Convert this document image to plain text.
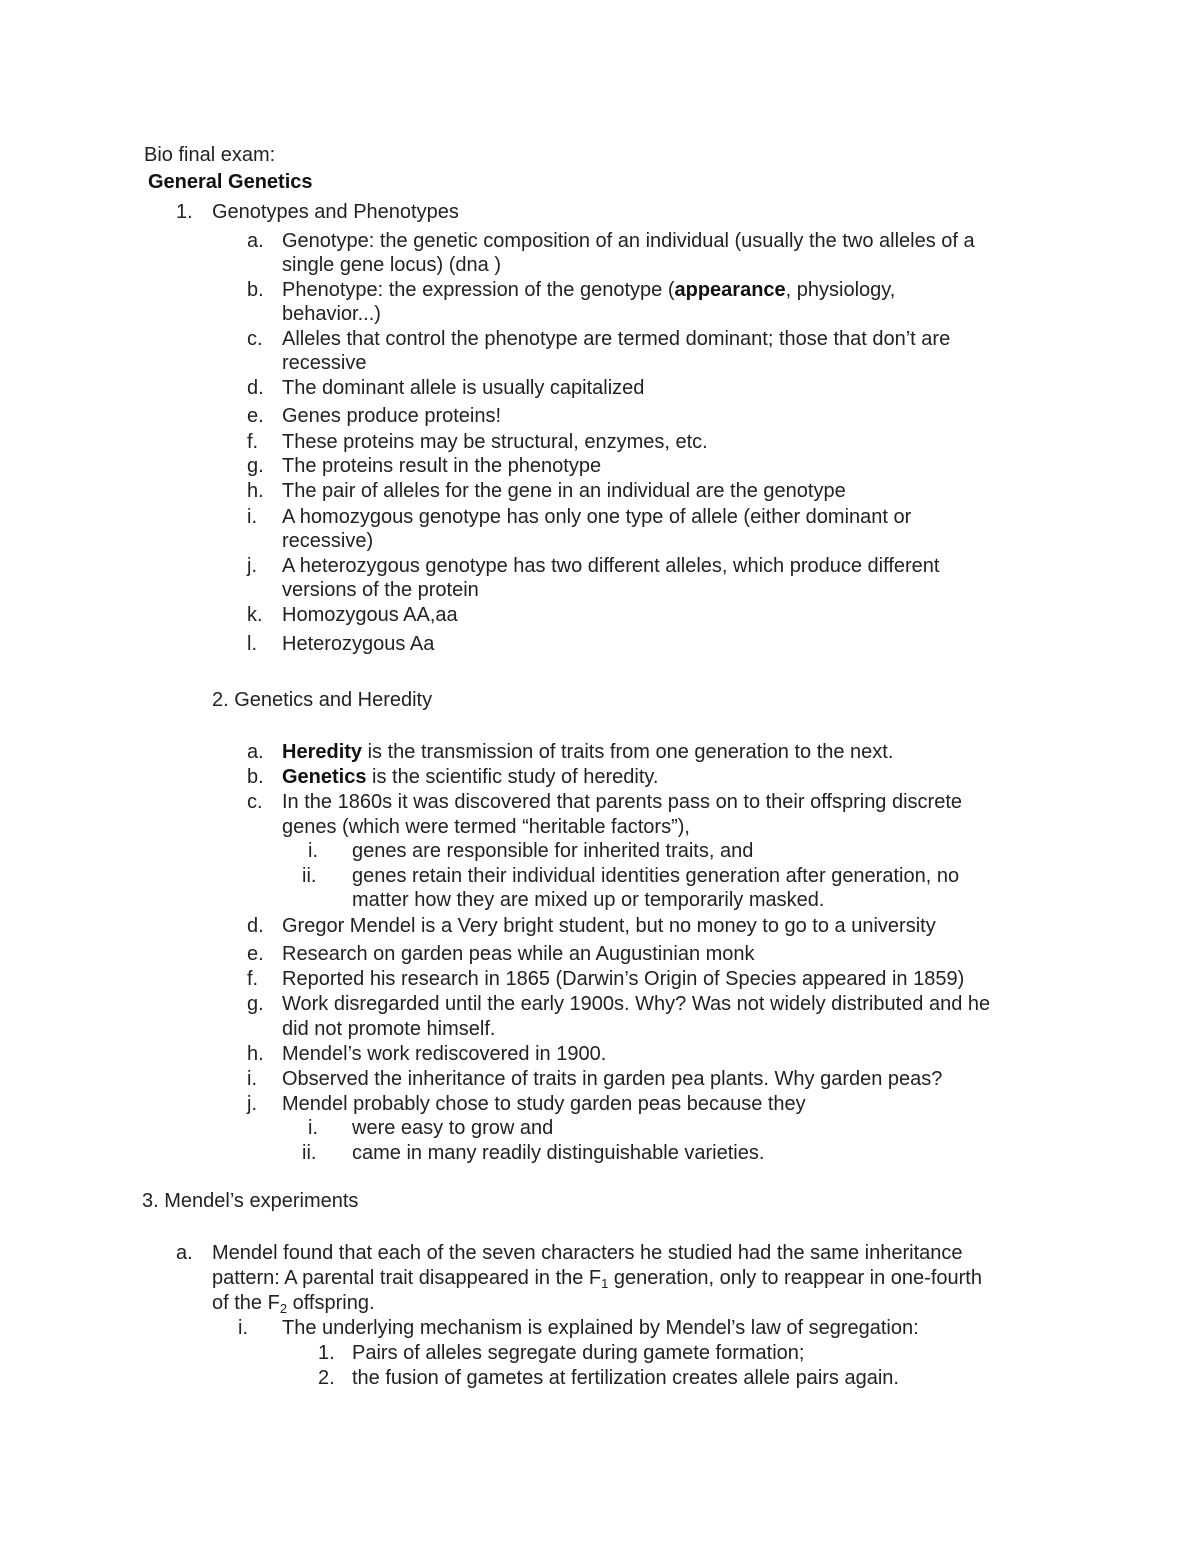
Bio final exam:
General Genetics
1. Genotypes and Phenotypes
a. Genotype: the genetic composition of an individual (usually the two alleles of a
single gene locus) (dna )
b. Phenotype: the expression of the genotype (appearance, physiology,
behavior...)
c. Alleles that control the phenotype are termed dominant; those that don’t are
recessive
d. The dominant allele is usually capitalized
e. Genes produce proteins!
f. These proteins may be structural, enzymes, etc.
g. The proteins result in the phenotype
h. The pair of alleles for the gene in an individual are the genotype
i. A homozygous genotype has only one type of allele (either dominant or
recessive)
j. A heterozygous genotype has two different alleles, which produce different
versions of the protein
k. Homozygous AA,aa
l. Heterozygous Aa
2. Genetics and Heredity
a. Heredity is the transmission of traits from one generation to the next.
b. Genetics is the scientific study of heredity.
c. In the 1860s it was discovered that parents pass on to their offspring discrete
genes (which were termed “heritable factors”),
i. genes are responsible for inherited traits, and
ii. genes retain their individual identities generation after generation, no
matter how they are mixed up or temporarily masked.
d. Gregor Mendel is a Very bright student, but no money to go to a university
e. Research on garden peas while an Augustinian monk
f. Reported his research in 1865 (Darwin’s Origin of Species appeared in 1859)
g. Work disregarded until the early 1900s. Why? Was not widely distributed and he
did not promote himself.
h. Mendel’s work rediscovered in 1900.
i. Observed the inheritance of traits in garden pea plants. Why garden peas?
j. Mendel probably chose to study garden peas because they
i. were easy to grow and
ii. came in many readily distinguishable varieties.
3. Mendel’s experiments
a. Mendel found that each of the seven characters he studied had the same inheritance
pattern: A parental trait disappeared in the $F_1$ generation, only to reappear in one-fourth
of the $F_2$ offspring.
i. The underlying mechanism is explained by Mendel’s law of segregation:
1. Pairs of alleles segregate during gamete formation;
2. the fusion of gametes at fertilization creates allele pairs again.
